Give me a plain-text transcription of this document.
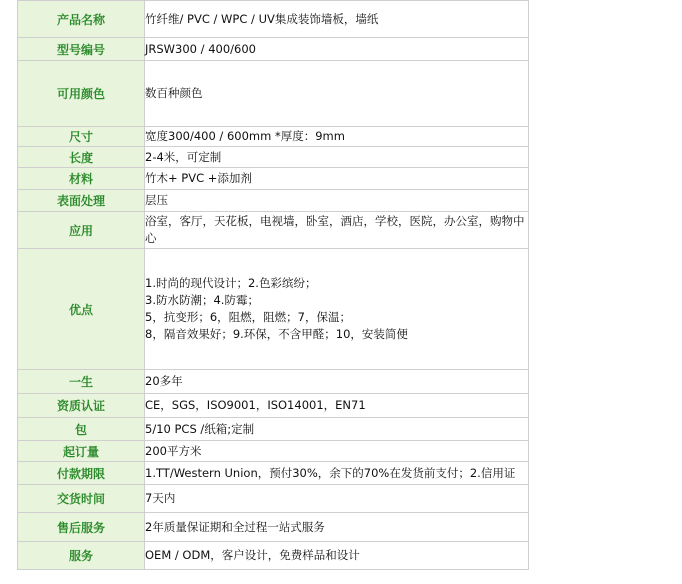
产品名称	竹纤维/ PVC / WPC / UV集成装饰墙板，墙纸
型号编号	JRSW300 / 400/600
可用颜色	数百种颜色
尺寸	宽度300/400 / 600mm *厚度：9mm
长度	2-4米，可定制
材料	竹木+ PVC +添加剂
表面处理	层压
应用	浴室，客厅，天花板，电视墙，卧室，酒店，学校，医院，办公室，购物中心
优点	1.时尚的现代设计；2.色彩缤纷；
3.防水防潮；4.防霉；
5，抗变形；6，阻燃，阻燃；7，保温；
8，隔音效果好；9.环保，不含甲醛；10，安装简便

一生	20多年
资质认证	CE，SGS，ISO9001，ISO14001，EN71
包	5/10 PCS /纸箱;定制
起订量	200平方米
付款期限	1.TT/Western Union，预付30%，余下的70%在发货前支付；2.信用证
交货时间	7天内
售后服务	2年质量保证期和全过程一站式服务
服务	OEM / ODM，客户设计，免费样品和设计
